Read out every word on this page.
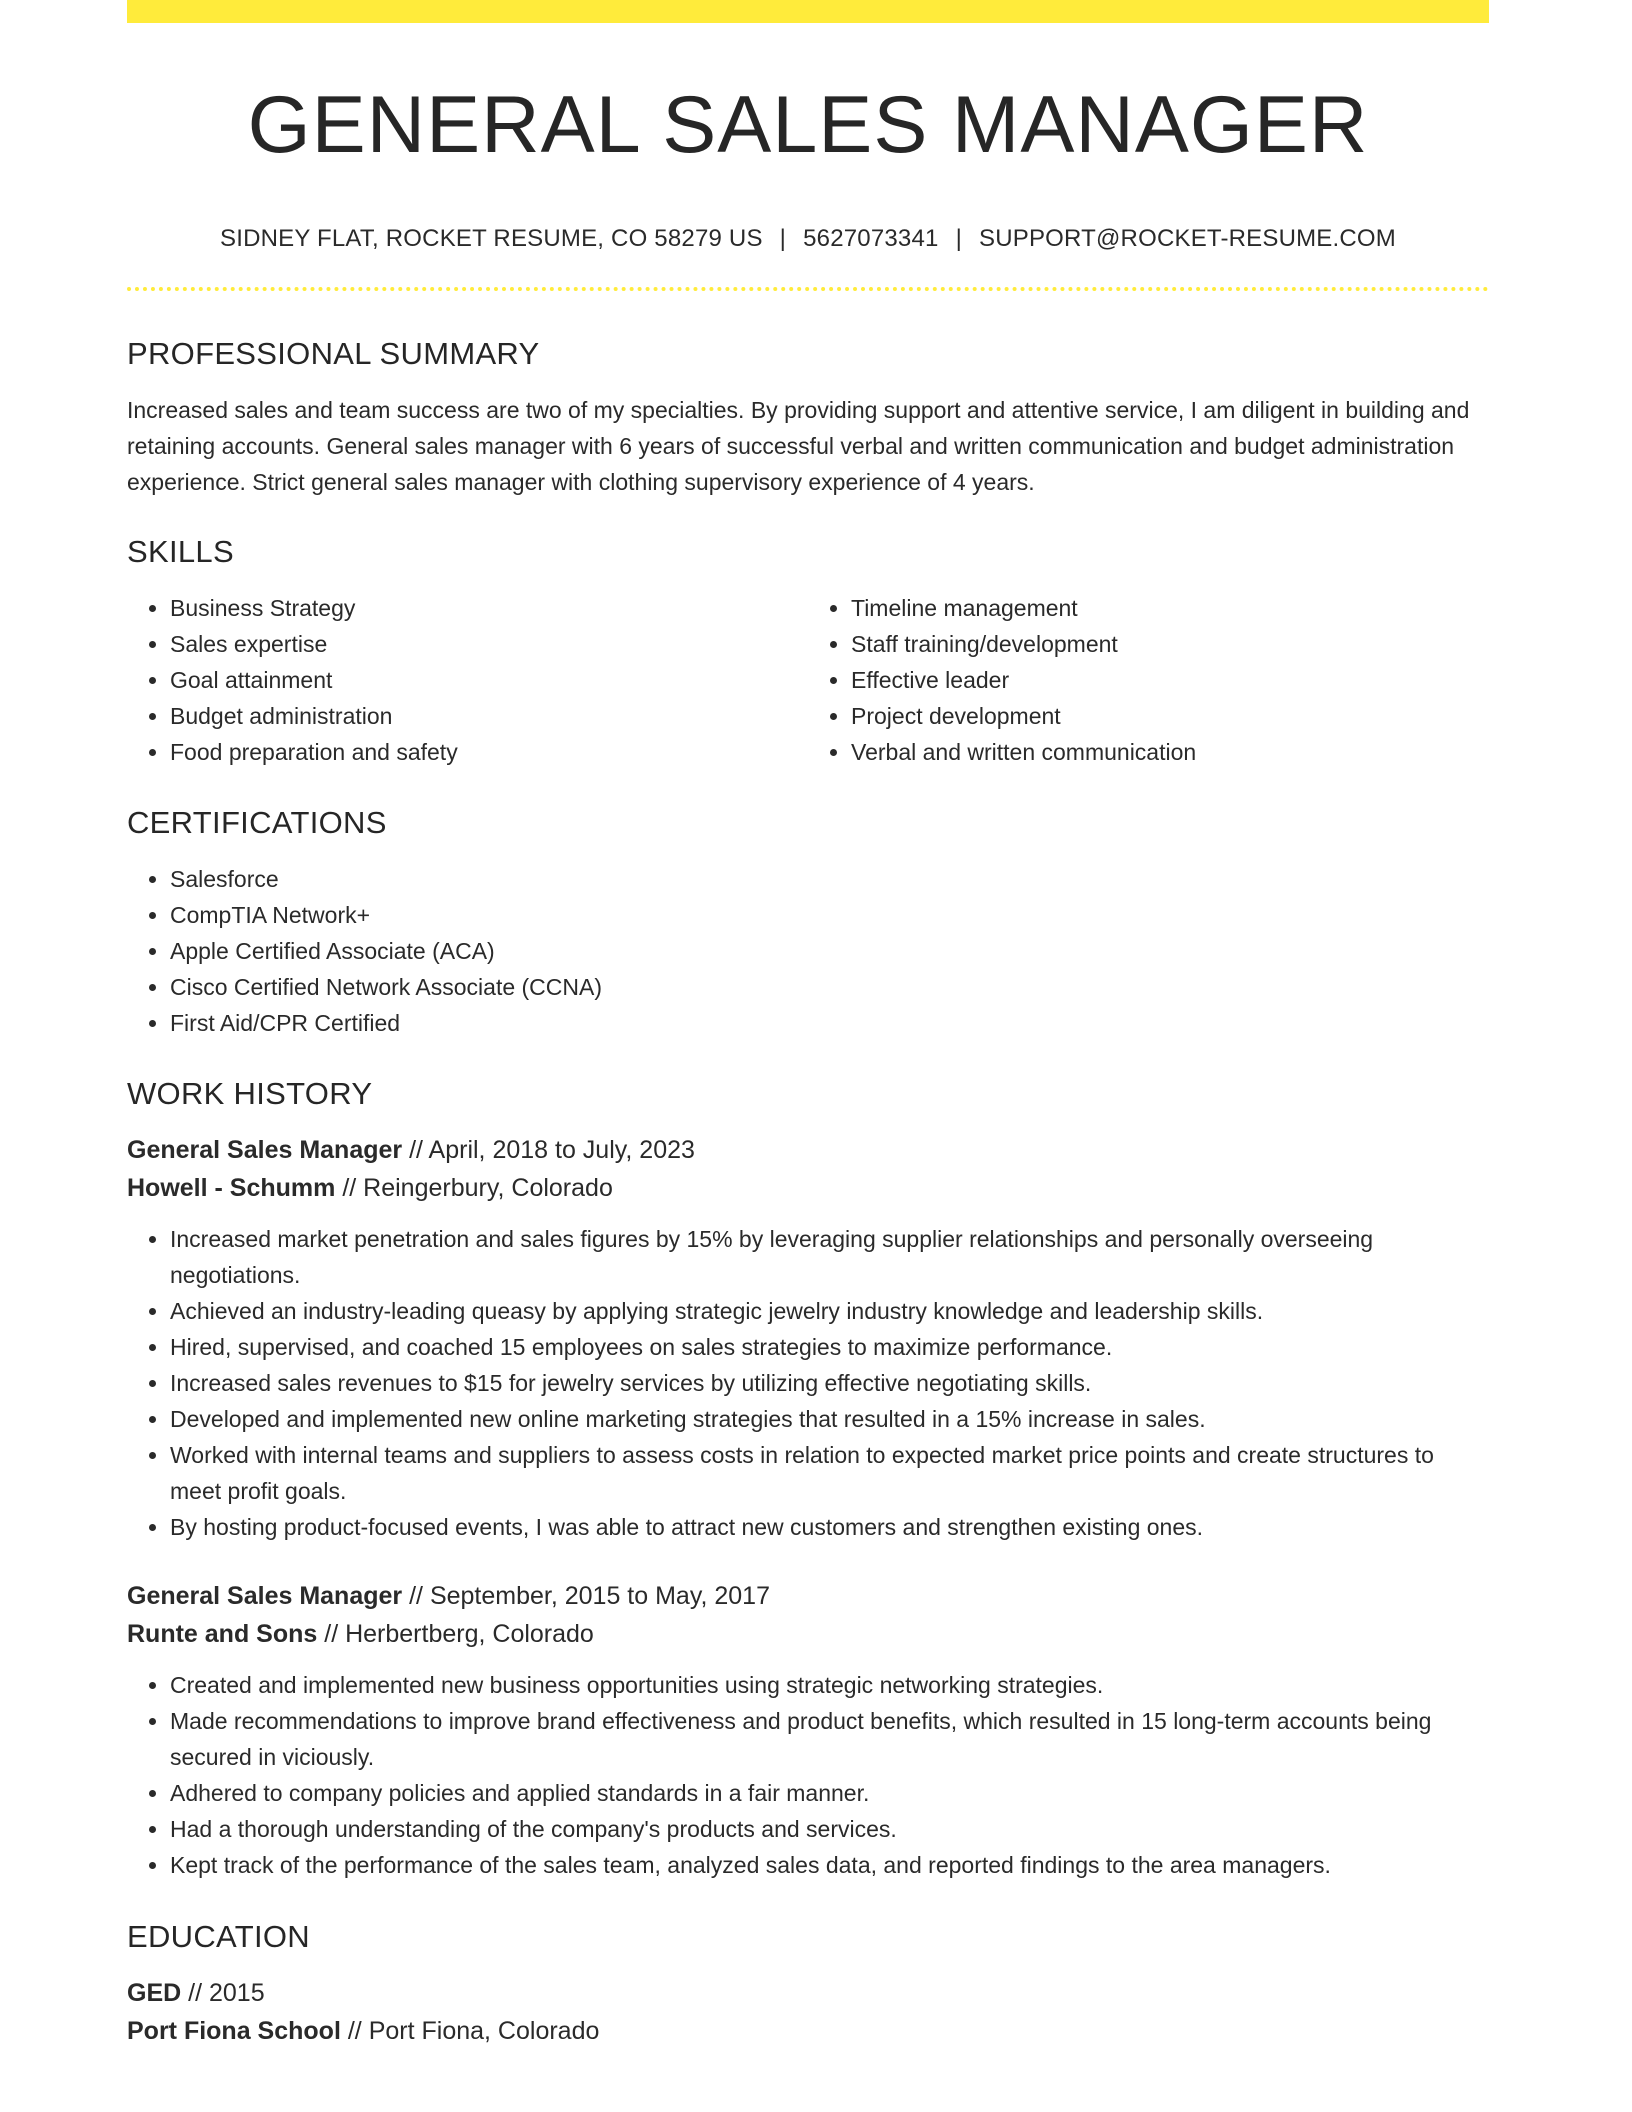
GENERAL SALES MANAGER
SIDNEY FLAT, ROCKET RESUME, CO 58279 US | 5627073341 | SUPPORT@ROCKET-RESUME.COM
PROFESSIONAL SUMMARY

Increased sales and team success are two of my specialties. By providing support and attentive service, I am diligent in building and retaining accounts. General sales manager with 6 years of successful verbal and written communication and budget administration experience. Strict general sales manager with clothing supervisory experience of 4 years.

SKILLS
• Business Strategy
• Sales expertise
• Goal attainment
• Budget administration
• Food preparation and safety
• Timeline management
• Staff training/development
• Effective leader
• Project development
• Verbal and written communication
CERTIFICATIONS
• Salesforce
• CompTIA Network+
• Apple Certified Associate (ACA)
• Cisco Certified Network Associate (CCNA)
• First Aid/CPR Certified
WORK HISTORY
General Sales Manager // April, 2018 to July, 2023
Howell - Schumm // Reingerbury, Colorado
• Increased market penetration and sales figures by 15% by leveraging supplier relationships and personally overseeing negotiations.
• Achieved an industry-leading queasy by applying strategic jewelry industry knowledge and leadership skills.
• Hired, supervised, and coached 15 employees on sales strategies to maximize performance.
• Increased sales revenues to $15 for jewelry services by utilizing effective negotiating skills.
• Developed and implemented new online marketing strategies that resulted in a 15% increase in sales.
• Worked with internal teams and suppliers to assess costs in relation to expected market price points and create structures to meet profit goals.
• By hosting product-focused events, I was able to attract new customers and strengthen existing ones.
General Sales Manager // September, 2015 to May, 2017
Runte and Sons // Herbertberg, Colorado
• Created and implemented new business opportunities using strategic networking strategies.
• Made recommendations to improve brand effectiveness and product benefits, which resulted in 15 long-term accounts being secured in viciously.
• Adhered to company policies and applied standards in a fair manner.
• Had a thorough understanding of the company's products and services.
• Kept track of the performance of the sales team, analyzed sales data, and reported findings to the area managers.
EDUCATION
GED // 2015
Port Fiona School // Port Fiona, Colorado
